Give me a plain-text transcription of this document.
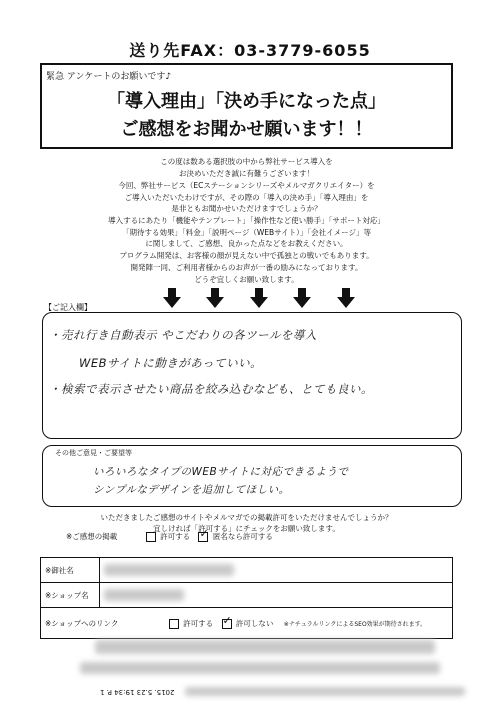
送り先FAX：03-3779-6055
緊急 アンケートのお願いです♪
「導入理由」「決め手になった点」
ご感想をお聞かせ願います！！
この度は数ある選択肢の中から弊社サービス導入を
お決めいただき誠に有難うございます！
今回、弊社サービス（ECステーションシリーズやメルマガクリエイター）を
ご導入いただいたわけですが、その際の「導入の決め手」「導入理由」を
是非ともお聞かせいただけますでしょうか？
導入するにあたり「機能やテンプレート」「操作性など使い勝手」「サポート対応」
「期待する効果」「料金」「説明ページ（WEBサイト）」「会社イメージ」等
に関しまして、ご感想、良かった点などをお教えください。
プログラム開発は、お客様の顔が見えない中で孤独との戦いでもあります。
開発陣一同、ご利用者様からのお声が一番の励みになっております。
どうぞ宜しくお願い致します。
【ご記入欄】
・売れ行き自動表示 やこだわりの各ツールを導入
WEBサイトに動きがあっていい。
・検索で表示させたい商品を絞み込むなども、とても良い。
その他ご意見・ご要望等
いろいろなタイプのWEBサイトに対応できるようで
シンプルなデザインを追加してほしい。
いただきましたご感想のサイトやメルマガでの掲載許可をいただけませんでしょうか？
宜しければ「許可する」にチェックをお願い致します。
※ご感想の掲載	許可する ✓	匿名なら許可する
※御社名	

※ショップ名	

※ショップへのリンク 許可する ✓ 許可しない ※ナチュラルリンクによるSEO効果が期待されます。
2015. 5.23 19:34 P. 1
